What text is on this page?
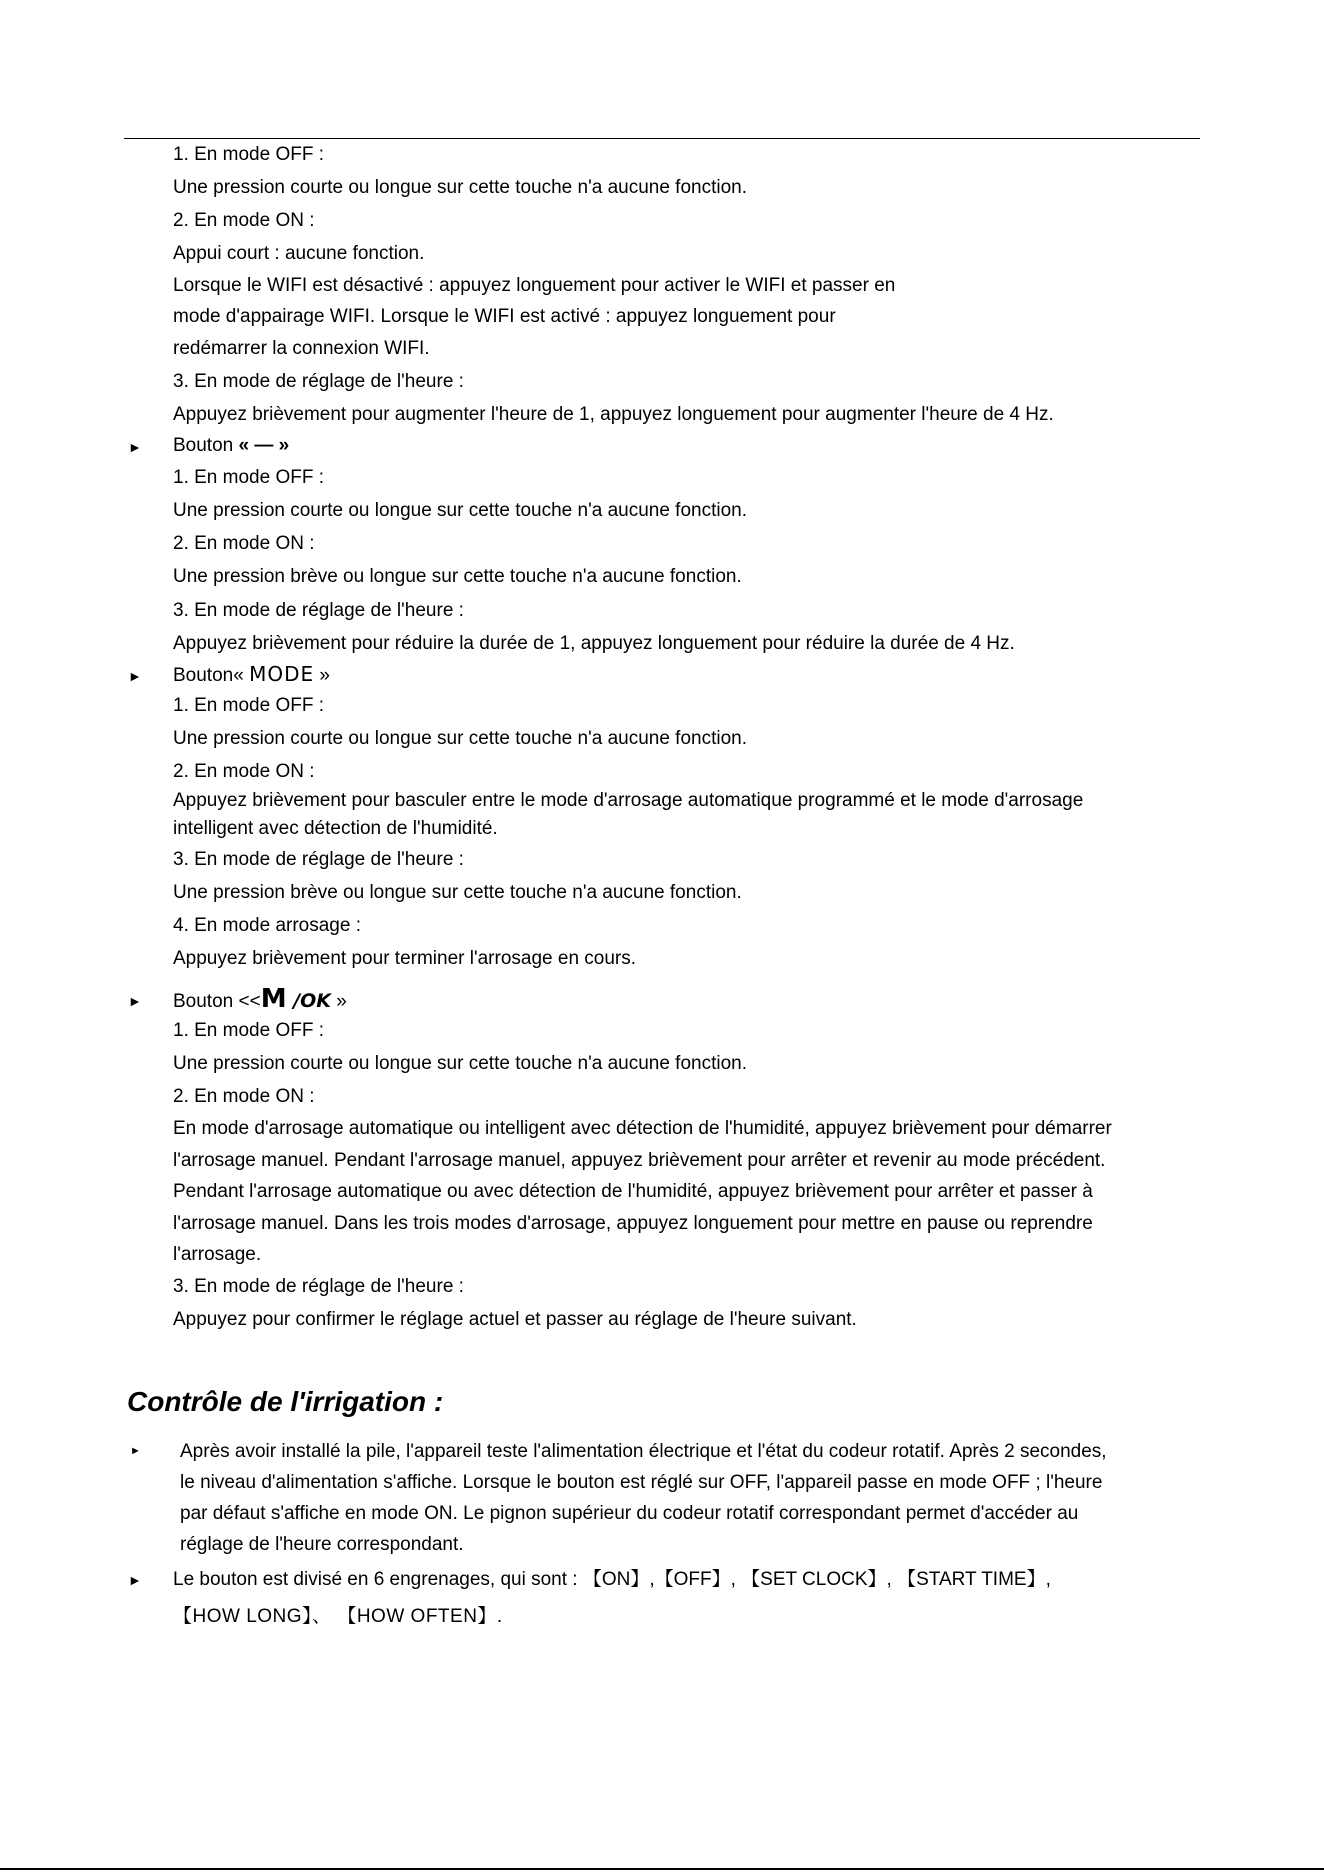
1. En mode OFF :
Une pression courte ou longue sur cette touche n'a aucune fonction.
2. En mode ON :
Appui court : aucune fonction.
Lorsque le WIFI est désactivé : appuyez longuement pour activer le WIFI et passer en
mode d'appairage WIFI. Lorsque le WIFI est activé : appuyez longuement pour
redémarrer la connexion WIFI.
3. En mode de réglage de l'heure :
Appuyez brièvement pour augmenter l'heure de 1, appuyez longuement pour augmenter l'heure de 4 Hz.
► Bouton « — »
1. En mode OFF :
Une pression courte ou longue sur cette touche n'a aucune fonction.
2. En mode ON :
Une pression brève ou longue sur cette touche n'a aucune fonction.
3. En mode de réglage de l'heure :
Appuyez brièvement pour réduire la durée de 1, appuyez longuement pour réduire la durée de 4 Hz.
► Bouton« MODE »
1. En mode OFF :
Une pression courte ou longue sur cette touche n'a aucune fonction.
2. En mode ON :
Appuyez brièvement pour basculer entre le mode d'arrosage automatique programmé et le mode d'arrosage
intelligent avec détection de l'humidité.
3. En mode de réglage de l'heure :
Une pression brève ou longue sur cette touche n'a aucune fonction.
4. En mode arrosage :
Appuyez brièvement pour terminer l'arrosage en cours.
► Bouton <<M /OK »
1. En mode OFF :
Une pression courte ou longue sur cette touche n'a aucune fonction.
2. En mode ON :
En mode d'arrosage automatique ou intelligent avec détection de l'humidité, appuyez brièvement pour démarrer
l'arrosage manuel. Pendant l'arrosage manuel, appuyez brièvement pour arrêter et revenir au mode précédent.
Pendant l'arrosage automatique ou avec détection de l'humidité, appuyez brièvement pour arrêter et passer à
l'arrosage manuel. Dans les trois modes d'arrosage, appuyez longuement pour mettre en pause ou reprendre
l'arrosage.
3. En mode de réglage de l'heure :
Appuyez pour confirmer le réglage actuel et passer au réglage de l'heure suivant.
Contrôle de l'irrigation :
► Après avoir installé la pile, l'appareil teste l'alimentation électrique et l'état du codeur rotatif. Après 2 secondes,
le niveau d'alimentation s'affiche. Lorsque le bouton est réglé sur OFF, l'appareil passe en mode OFF ; l'heure
par défaut s'affiche en mode ON. Le pignon supérieur du codeur rotatif correspondant permet d'accéder au
réglage de l'heure correspondant.
► Le bouton est divisé en 6 engrenages, qui sont : 【ON】,【OFF】, 【SET CLOCK】, 【START TIME】,
【HOW LONG】、 【HOW OFTEN】.
